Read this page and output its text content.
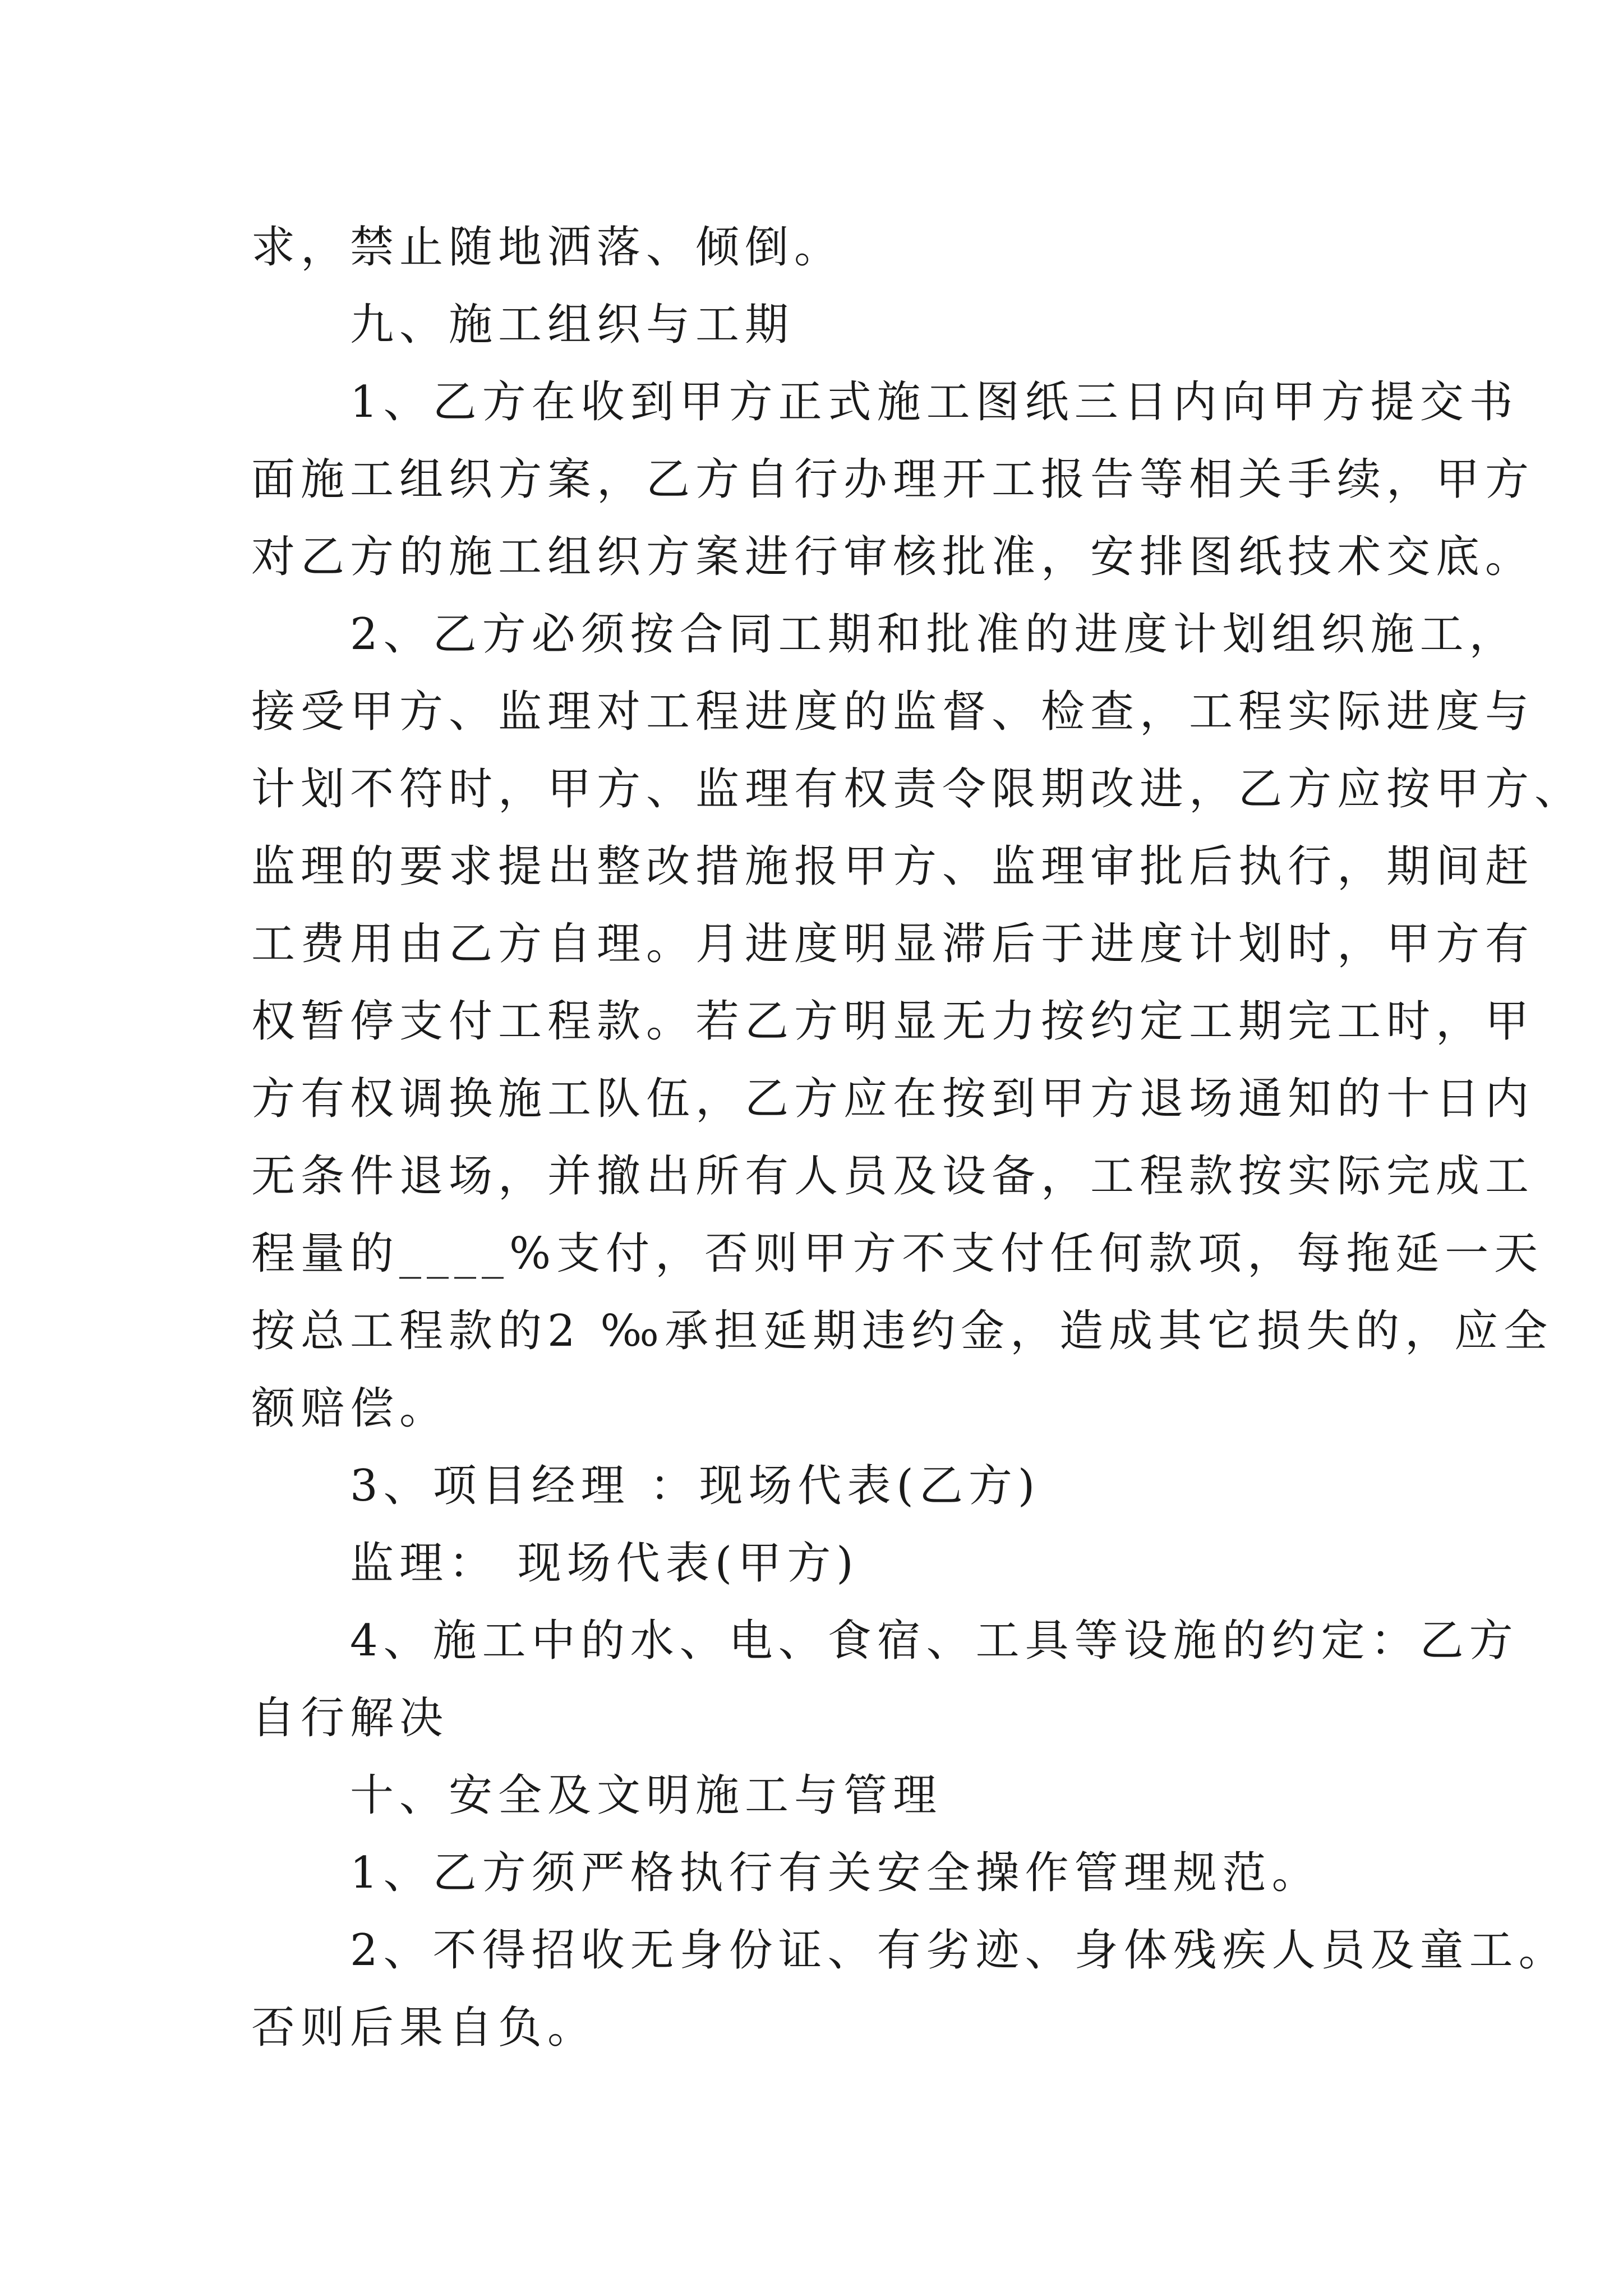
求，禁止随地洒落、倾倒。

九、施工组织与工期

1、乙方在收到甲方正式施工图纸三日内向甲方提交书
面施工组织方案，乙方自行办理开工报告等相关手续，甲方
对乙方的施工组织方案进行审核批准，安排图纸技术交底。

2、乙方必须按合同工期和批准的进度计划组织施工，
接受甲方、监理对工程进度的监督、检查，工程实际进度与
计划不符时，甲方、监理有权责令限期改进，乙方应按甲方、
监理的要求提出整改措施报甲方、监理审批后执行，期间赶
工费用由乙方自理。月进度明显滞后于进度计划时，甲方有
权暂停支付工程款。若乙方明显无力按约定工期完工时，甲
方有权调换施工队伍，乙方应在按到甲方退场通知的十日内
无条件退场，并撤出所有人员及设备，工程款按实际完成工
程量的____%支付，否则甲方不支付任何款项，每拖延一天
按总工程款的2 ‰承担延期违约金，造成其它损失的，应全
额赔偿。

3、项目经理 ：现场代表(乙方)

监理： 现场代表(甲方)

4、施工中的水、电、食宿、工具等设施的约定：乙方
自行解决

十、安全及文明施工与管理

1、乙方须严格执行有关安全操作管理规范。

2、不得招收无身份证、有劣迹、身体残疾人员及童工。
否则后果自负。
